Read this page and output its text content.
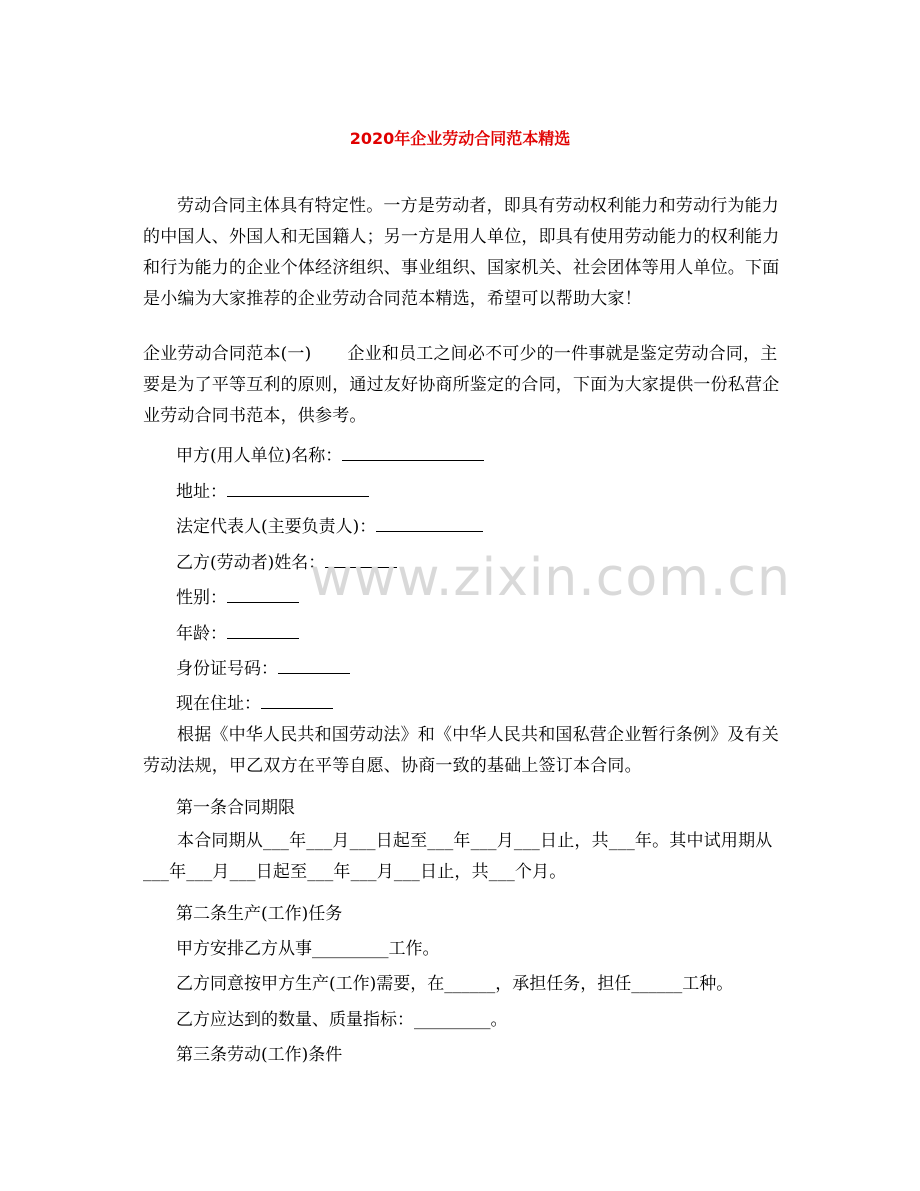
2020年企业劳动合同范本精选
劳动合同主体具有特定性。一方是劳动者，即具有劳动权利能力和劳动行为能力的中国人、外国人和无国籍人；另一方是用人单位，即具有使用劳动能力的权利能力和行为能力的企业个体经济组织、事业组织、国家机关、社会团体等用人单位。下面是小编为大家推荐的企业劳动合同范本精选，希望可以帮助大家！
企业劳动合同范本(一) 企业和员工之间必不可少的一件事就是鉴定劳动合同，主要是为了平等互利的原则，通过友好协商所鉴定的合同，下面为大家提供一份私营企业劳动合同书范本，供参考。
甲方(用人单位)名称：
地址：
法定代表人(主要负责人)：
乙方(劳动者)姓名：
性别：
年龄：
身份证号码：
现在住址：
根据《中华人民共和国劳动法》和《中华人民共和国私营企业暂行条例》及有关劳动法规，甲乙双方在平等自愿、协商一致的基础上签订本合同。
第一条合同期限
本合同期从___年___月___日起至___年___月___日止，共___年。其中试用期从___年___月___日起至___年___月___日止，共___个月。
第二条生产(工作)任务
甲方安排乙方从事_________工作。
乙方同意按甲方生产(工作)需要，在______，承担任务，担任______工种。
乙方应达到的数量、质量指标：_________。
第三条劳动(工作)条件
www.zixin.com.cn
